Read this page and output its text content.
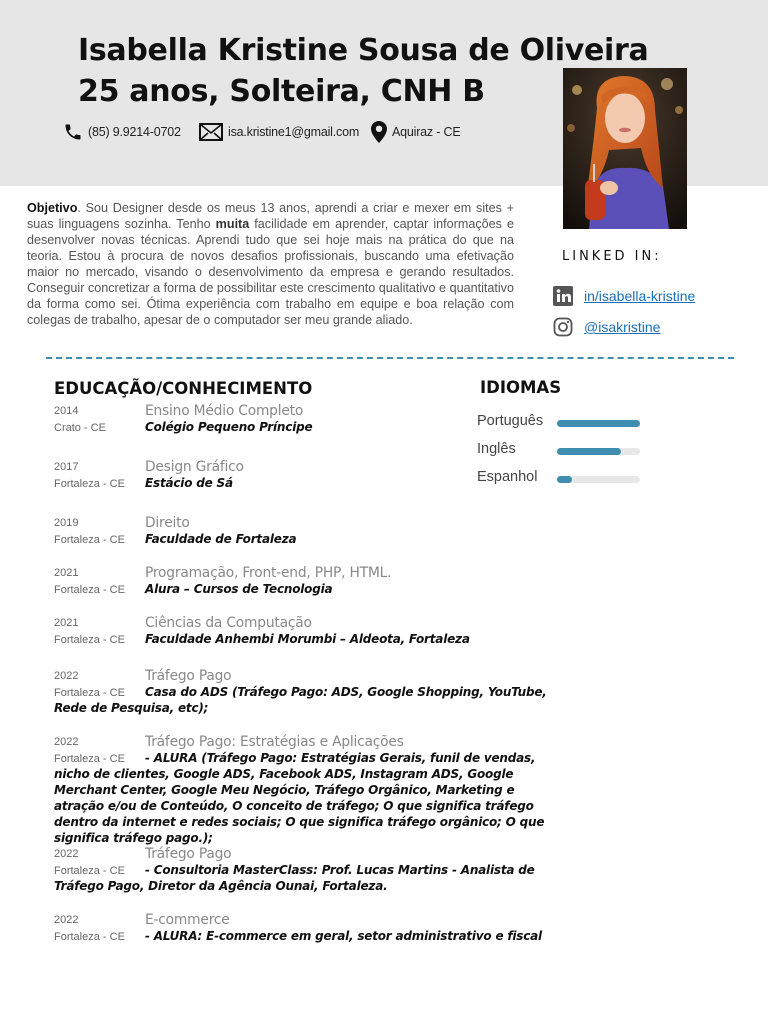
Isabella Kristine Sousa de Oliveira
25 anos, Solteira, CNH B
(85) 9.9214-0702	isa.kristine1@gmail.com	Aquiraz - CE
Objetivo. Sou Designer desde os meus 13 anos, aprendi a criar e mexer em sites + suas linguagens sozinha. Tenho muita facilidade em aprender, captar informações e desenvolver novas técnicas. Aprendi tudo que sei hoje mais na prática do que na teoria. Estou à procura de novos desafios profissionais, buscando uma efetivação maior no mercado, visando o desenvolvimento da empresa e gerando resultados. Conseguir concretizar a forma de possibilitar este crescimento qualitativo e quantitativo da forma como sei. Ótima experiência com trabalho em equipe e boa relação com colegas de trabalho, apesar de o computador ser meu grande aliado.
LINKED IN:
in/isabella-kristine
@isakristine
EDUCAÇÃO/CONHECIMENTO	IDIOMAS
Português
Inglês
Espanhol
2014	Ensino Médio Completo
Crato - CE	Colégio Pequeno Príncipe
2017	Design Gráfico
Fortaleza - CE Estácio de Sá
2019	Direito
Fortaleza - CE Faculdade de Fortaleza
2021	Programação, Front-end, PHP, HTML.
Fortaleza - CE Alura – Cursos de Tecnologia
2021	Ciências da Computação
Fortaleza - CE Faculdade Anhembi Morumbi – Aldeota, Fortaleza
2022	Tráfego Pago
Fortaleza - CE Casa do ADS (Tráfego Pago: ADS, Google Shopping, YouTube,
Rede de Pesquisa, etc);
2022	Tráfego Pago: Estratégias e Aplicações
Fortaleza - CE - ALURA (Tráfego Pago: Estratégias Gerais, funil de vendas,
nicho de clientes, Google ADS, Facebook ADS, Instagram ADS, Google Merchant Center, Google Meu Negócio, Tráfego Orgânico, Marketing e atração e/ou de Conteúdo, O conceito de tráfego; O que significa tráfego dentro da internet e redes sociais; O que significa tráfego orgânico; O que significa tráfego pago.);
2022	Tráfego Pago
Fortaleza - CE - Consultoria MasterClass: Prof. Lucas Martins - Analista de
Tráfego Pago, Diretor da Agência Ounai, Fortaleza.
2022	E-commerce
Fortaleza - CE - ALURA: E-commerce em geral, setor administrativo e fiscal
